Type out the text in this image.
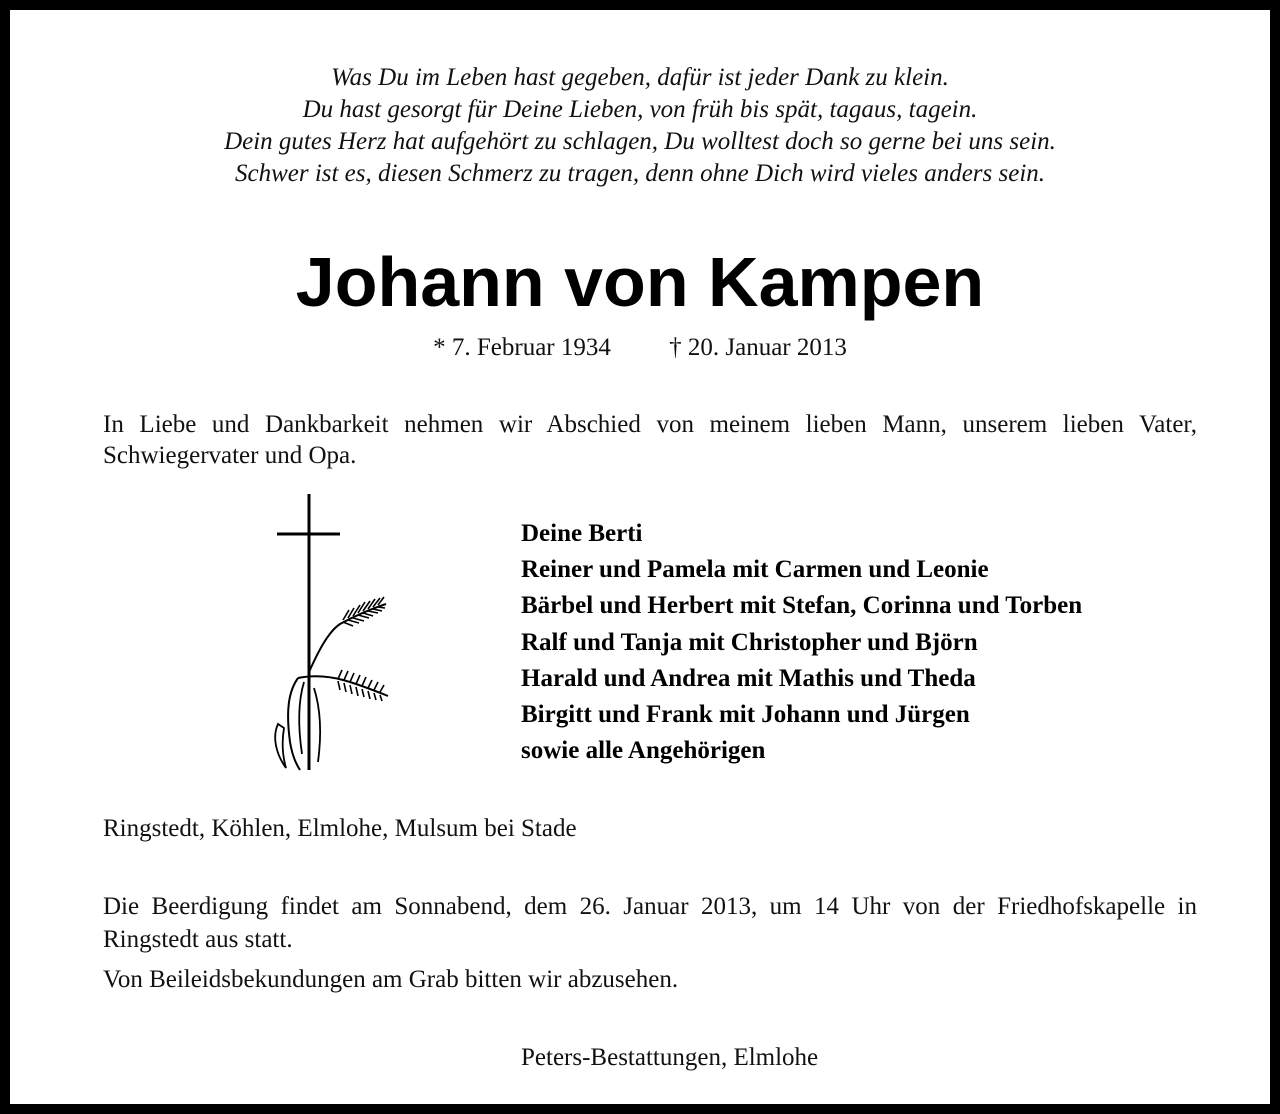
Was Du im Leben hast gegeben, dafür ist jeder Dank zu klein.
Du hast gesorgt für Deine Lieben, von früh bis spät, tagaus, tagein.
Dein gutes Herz hat aufgehört zu schlagen, Du wolltest doch so gerne bei uns sein.
Schwer ist es, diesen Schmerz zu tragen, denn ohne Dich wird vieles anders sein.
Johann von Kampen
* 7. Februar 1934 † 20. Januar 2013
In Liebe und Dankbarkeit nehmen wir Abschied von meinem lieben Mann, unserem lieben Vater, Schwiegervater und Opa.
Deine Berti
Reiner und Pamela mit Carmen und Leonie
Bärbel und Herbert mit Stefan, Corinna und Torben
Ralf und Tanja mit Christopher und Björn
Harald und Andrea mit Mathis und Theda
Birgitt und Frank mit Johann und Jürgen
sowie alle Angehörigen
Ringstedt, Köhlen, Elmlohe, Mulsum bei Stade
Die Beerdigung findet am Sonnabend, dem 26. Januar 2013, um 14 Uhr von der Friedhofskapelle in Ringstedt aus statt.
Von Beileidsbekundungen am Grab bitten wir abzusehen.
Peters-Bestattungen, Elmlohe
